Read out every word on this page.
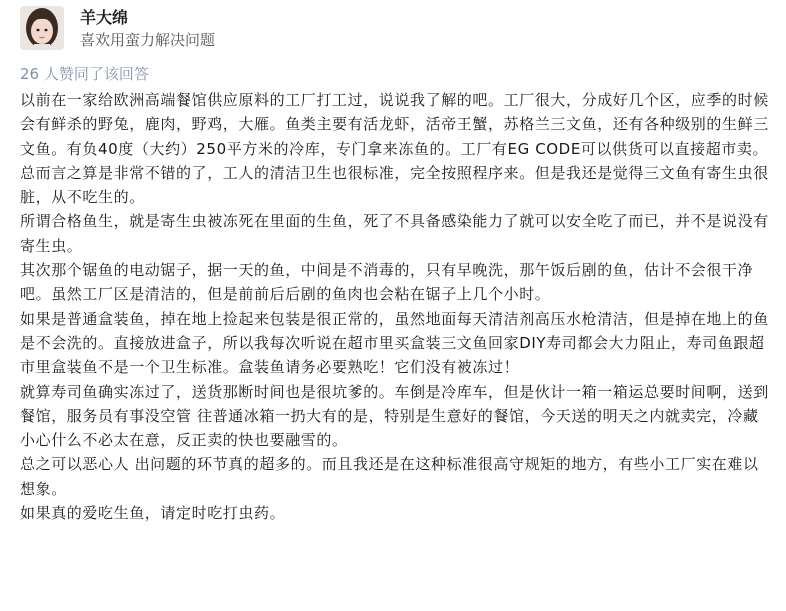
羊大绵
喜欢用蛮力解决问题
26 人赞同了该回答

以前在一家给欧洲高端餐馆供应原料的工厂打工过，说说我了解的吧。工厂很大，分成好几个区，应季的时候会有鲜杀的野兔，鹿肉，野鸡，大雁。鱼类主要有活龙虾，活帝王蟹，苏格兰三文鱼，还有各种级别的生鲜三文鱼。有负40度（大约）250平方米的冷库，专门拿来冻鱼的。工厂有EG CODE可以供货可以直接超市卖。总而言之算是非常不错的了，工人的清洁卫生也很标准，完全按照程序来。但是我还是觉得三文鱼有寄生虫很脏，从不吃生的。

所谓合格鱼生，就是寄生虫被冻死在里面的生鱼，死了不具备感染能力了就可以安全吃了而已，并不是说没有寄生虫。

其次那个锯鱼的电动锯子，据一天的鱼，中间是不消毒的，只有早晚洗，那午饭后剧的鱼，估计不会很干净吧。虽然工厂区是清洁的，但是前前后后剧的鱼肉也会粘在锯子上几个小时。

如果是普通盒装鱼，掉在地上捡起来包装是很正常的，虽然地面每天清洁剂高压水枪清洁，但是掉在地上的鱼是不会洗的。直接放进盒子，所以我每次听说在超市里买盒装三文鱼回家DIY寿司都会大力阻止，寿司鱼跟超市里盒装鱼不是一个卫生标准。盒装鱼请务必要熟吃！它们没有被冻过！

就算寿司鱼确实冻过了，送货那断时间也是很坑爹的。车倒是冷库车，但是伙计一箱一箱运总要时间啊，送到餐馆，服务员有事没空管 往普通冰箱一扔大有的是，特别是生意好的餐馆，今天送的明天之内就卖完，冷藏小心什么不必太在意，反正卖的快也要融雪的。

总之可以恶心人 出问题的环节真的超多的。而且我还是在这种标准很高守规矩的地方，有些小工厂实在难以想象。

如果真的爱吃生鱼，请定时吃打虫药。
